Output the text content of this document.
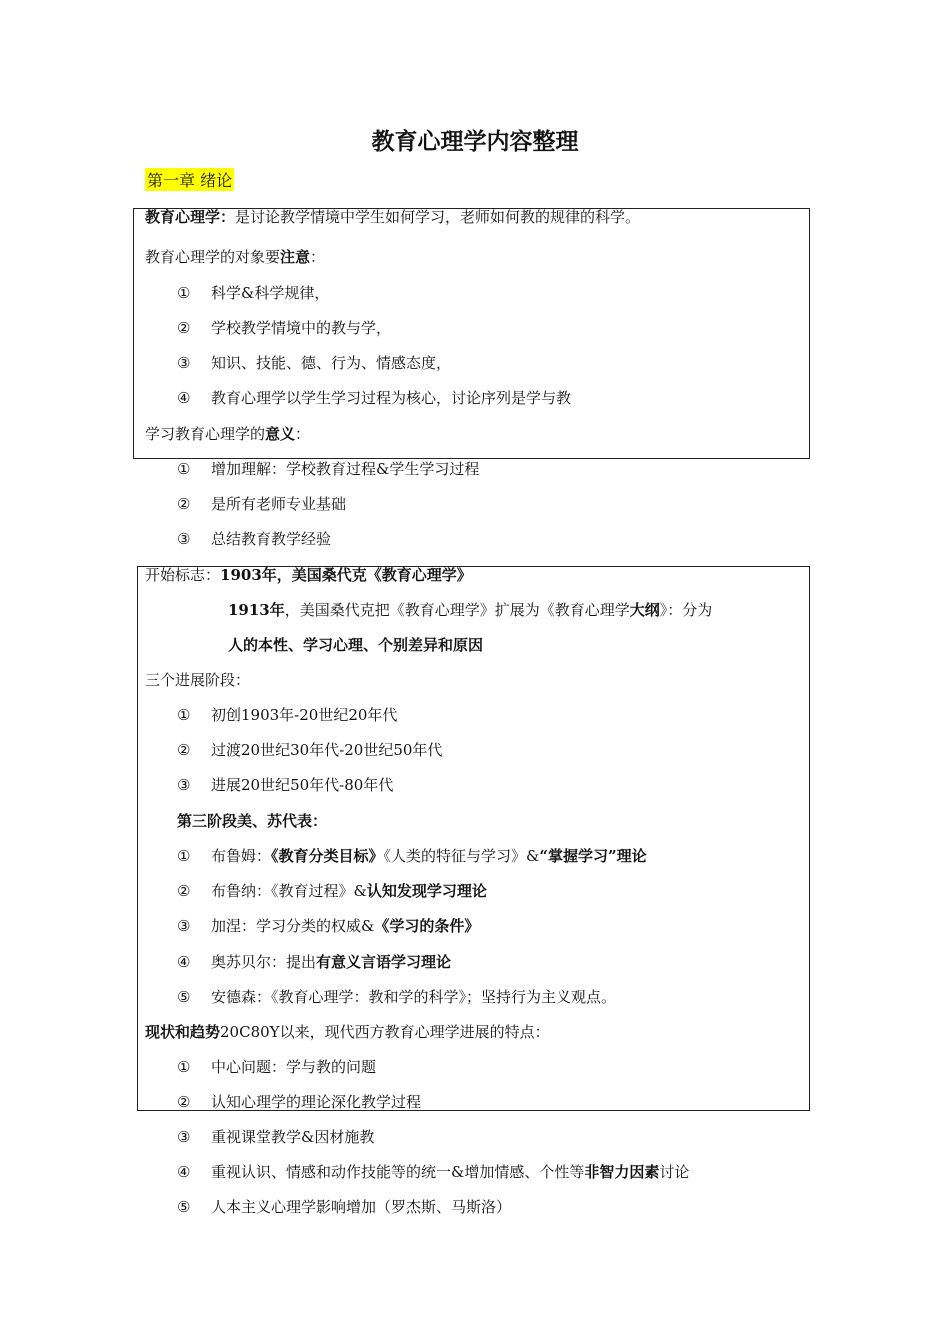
教育心理学内容整理
第一章 绪论
教育心理学：是讨论教学情境中学生如何学习，老师如何教的规律的科学。
教育心理学的对象要注意：
① 科学&科学规律，
② 学校教学情境中的教与学，
③ 知识、技能、德、行为、情感态度，
④ 教育心理学以学生学习过程为核心，讨论序列是学与教
学习教育心理学的意义：
① 增加理解：学校教育过程&学生学习过程
② 是所有老师专业基础
③ 总结教育教学经验
开始标志：1903年，美国桑代克《教育心理学》
1913年，美国桑代克把《教育心理学》扩展为《教育心理学大纲》：分为
人的本性、学习心理、个别差异和原因
三个进展阶段：
① 初创1903年-20世纪20年代
② 过渡20世纪30年代-20世纪50年代
③ 进展20世纪50年代-80年代
第三阶段美、苏代表：
① 布鲁姆：《教育分类目标》《人类的特征与学习》&“掌握学习”理论
② 布鲁纳：《教育过程》&认知发现学习理论
③ 加涅：学习分类的权威&《学习的条件》
④ 奥苏贝尔：提出有意义言语学习理论
⑤ 安德森：《教育心理学：教和学的科学》；坚持行为主义观点。
现状和趋势20C80Y以来，现代西方教育心理学进展的特点：
① 中心问题：学与教的问题
② 认知心理学的理论深化教学过程
③ 重视课堂教学&因材施教
④ 重视认识、情感和动作技能等的统一&增加情感、个性等非智力因素讨论
⑤ 人本主义心理学影响增加（罗杰斯、马斯洛）
